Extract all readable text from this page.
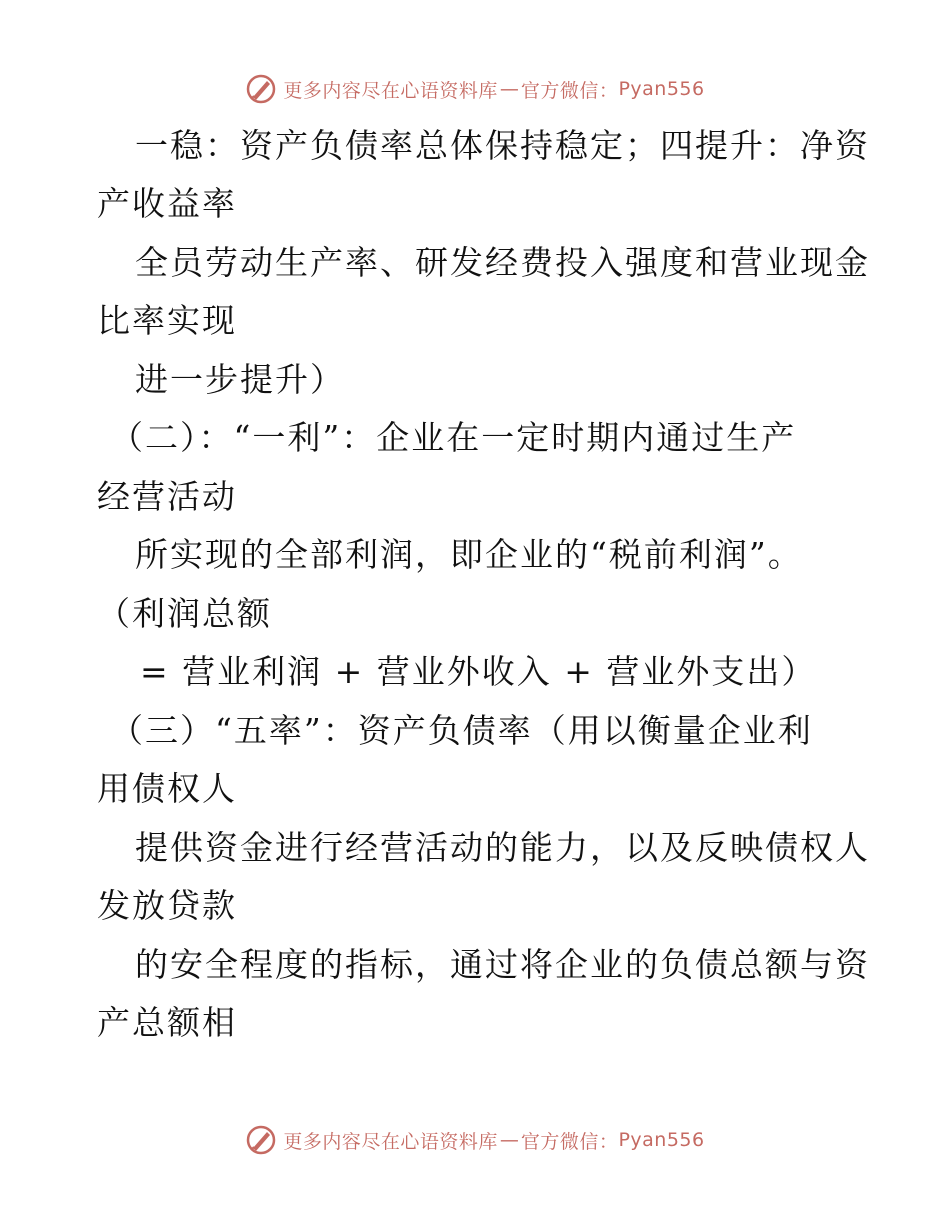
更多内容尽在心语资料库 — 官方微信： Pyan556
一稳：资产负债率总体保持稳定；四提升：净资
产收益率
全员劳动生产率、研发经费投入强度和营业现金
比率实现
进一步提升）
（二）：“一利”：企业在一定时期内通过生产
经营活动
所实现的全部利润，即企业的“税前利润”。
（利润总额
= 营业利润 + 营业外收入 + 营业外支出）
（三）“五率”：资产负债率（用以衡量企业利
用债权人
提供资金进行经营活动的能力，以及反映债权人
发放贷款
的安全程度的指标，通过将企业的负债总额与资
产总额相
更多内容尽在心语资料库 — 官方微信： Pyan556
